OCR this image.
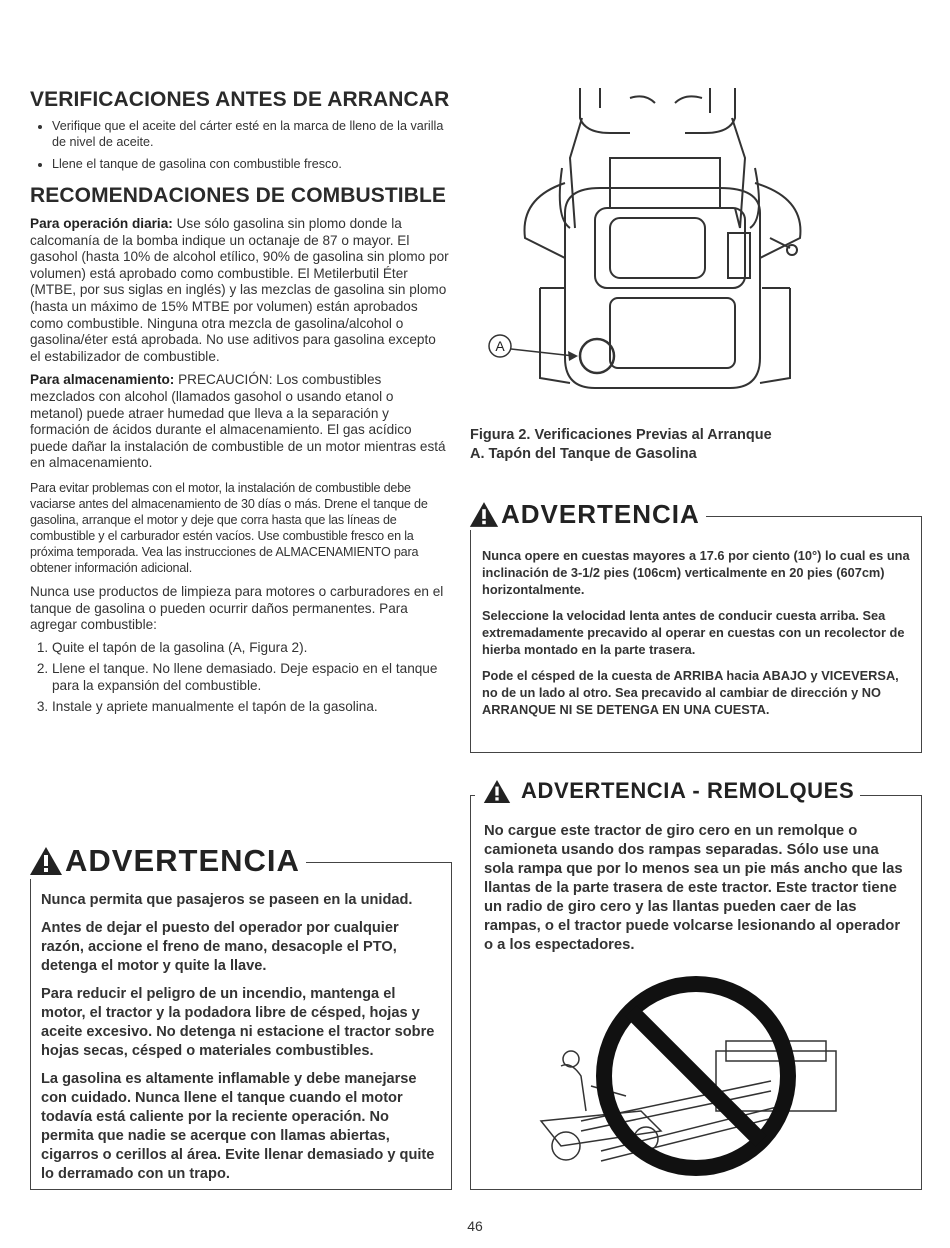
VERIFICACIONES ANTES DE ARRANCAR
• Verifique que el aceite del cárter esté en la marca de lleno de la varilla de nivel de aceite.
• Llene el tanque de gasolina con combustible fresco.
RECOMENDACIONES DE COMBUSTIBLE

Para operación diaria: Use sólo gasolina sin plomo donde la calcomanía de la bomba indique un octanaje de 87 o mayor. El gasohol (hasta 10% de alcohol etílico, 90% de gasolina sin plomo por volumen) está aprobado como combustible. El Metilerbutil Éter (MTBE, por sus siglas en inglés) y las mezclas de gasolina sin plomo (hasta un máximo de 15% MTBE por volumen) están aprobados como combustible. Ninguna otra mezcla de gasolina/alcohol o gasolina/éter está aprobada. No use aditivos para gasolina excepto el estabilizador de combustible.

Para almacenamiento: PRECAUCIÓN: Los combustibles mezclados con alcohol (llamados gasohol o usando etanol o metanol) puede atraer humedad que lleva a la separación y formación de ácidos durante el almacenamiento. El gas acídico puede dañar la instalación de combustible de un motor mientras está en almacenamiento.

Para evitar problemas con el motor, la instalación de combustible debe vaciarse antes del almacenamiento de 30 días o más. Drene el tanque de gasolina, arranque el motor y deje que corra hasta que las líneas de combustible y el carburador estén vacíos. Use combustible fresco en la próxima temporada. Vea las instrucciones de ALMACENAMIENTO para obtener información adicional.

Nunca use productos de limpieza para motores o carburadores en el tanque de gasolina o pueden ocurrir daños permanentes. Para agregar combustible:

1. Quite el tapón de la gasolina (A, Figura 2).
2. Llene el tanque. No llene demasiado. Deje espacio en el tanque para la expansión del combustible.
3. Instale y apriete manualmente el tapón de la gasolina.
ADVERTENCIA

Nunca permita que pasajeros se paseen en la unidad.

Antes de dejar el puesto del operador por cualquier razón, accione el freno de mano, desacople el PTO, detenga el motor y quite la llave.

Para reducir el peligro de un incendio, mantenga el motor, el tractor y la podadora libre de césped, hojas y aceite excesivo. No detenga ni estacione el tractor sobre hojas secas, césped o materiales combustibles.

La gasolina es altamente inflamable y debe manejarse con cuidado. Nunca llene el tanque cuando el motor todavía está caliente por la reciente operación. No permita que nadie se acerque con llamas abiertas, cigarros o cerillos al área. Evite llenar demasiado y quite lo derramado con un trapo.

A
Figura 2. Verificaciones Previas al Arranque
A. Tapón del Tanque de Gasolina
ADVERTENCIA

Nunca opere en cuestas mayores a 17.6 por ciento (10°) lo cual es una inclinación de 3-1/2 pies (106cm) verticalmente en 20 pies (607cm) horizontalmente.

Seleccione la velocidad lenta antes de conducir cuesta arriba. Sea extremadamente precavido al operar en cuestas con un recolector de hierba montado en la parte trasera.

Pode el césped de la cuesta de ARRIBA hacia ABAJO y VICEVERSA, no de un lado al otro. Sea precavido al cambiar de dirección y NO ARRANQUE NI SE DETENGA EN UNA CUESTA.

ADVERTENCIA - REMOLQUES

No cargue este tractor de giro cero en un remolque o camioneta usando dos rampas separadas. Sólo use una sola rampa que por lo menos sea un pie más ancho que las llantas de la parte trasera de este tractor. Este tractor tiene un radio de giro cero y las llantas pueden caer de las rampas, o el tractor puede volcarse lesionando al operador o a los espectadores.

46
